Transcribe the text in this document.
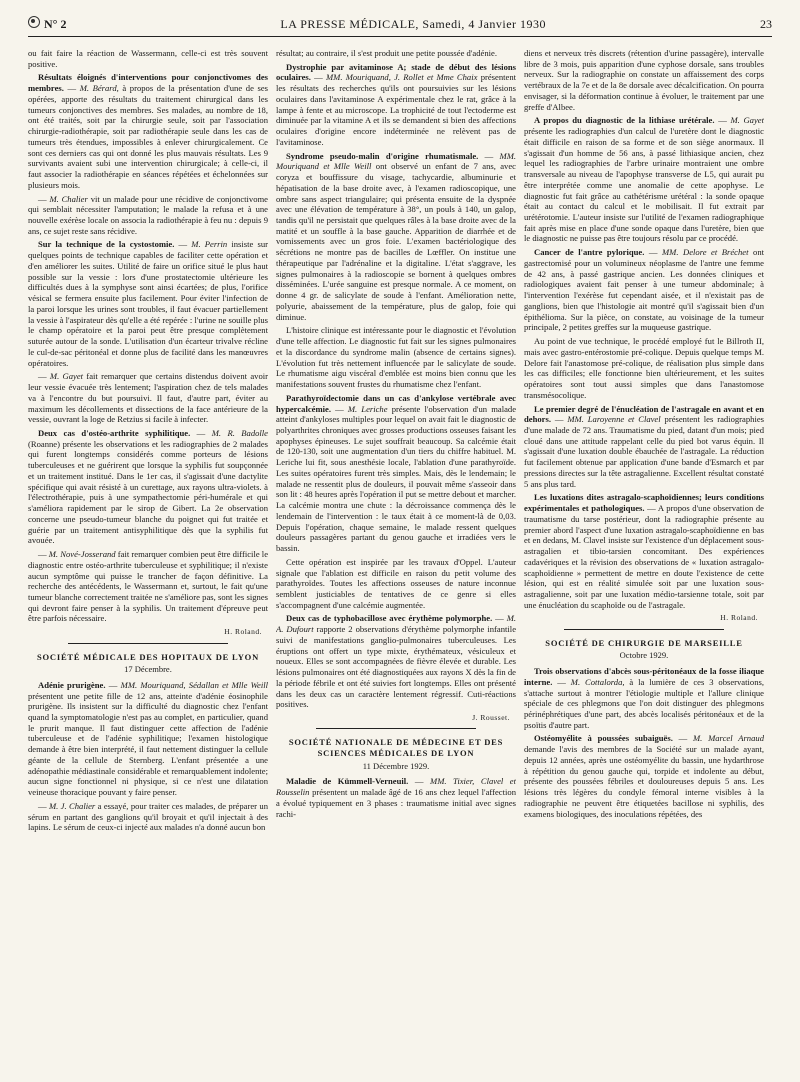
N° 2	LA PRESSE MÉDICALE, Samedi, 4 Janvier 1930	23

ou fait faire la réaction de Wassermann, celle-ci est très souvent positive.

Résultats éloignés d'interventions pour conjonctivomes des membres. — M. Bérard, à propos de la présentation d'une de ses opérées, apporte des résultats du traitement chirurgical dans les tumeurs conjonctives des membres. Ses malades, au nombre de 18, ont été traités, soit par la chirurgie seule, soit par l'association chirurgie-radiothérapie, soit par radiothérapie seule dans les cas de tumeurs très étendues, impossibles à enlever chirurgicalement. Ce sont ces derniers cas qui ont donné les plus mauvais résultats. Les 9 survivants avaient subi une intervention chirurgicale; à celle-ci, il faut associer la radiothérapie en séances répétées et échelonnées sur plusieurs mois.

— M. Chalier vit un malade pour une récidive de conjonctivome qui semblait nécessiter l'amputation; le malade la refusa et à une nouvelle exérèse locale on associa la radiothérapie à feu nu : depuis 9 ans, ce sujet reste sans récidive.

Sur la technique de la cystostomie. — M. Perrin insiste sur quelques points de technique capables de faciliter cette opération et d'en améliorer les suites. Utilité de faire un orifice situé le plus haut possible sur la vessie : lors d'une prostatectomie ultérieure les difficultés dues à la symphyse sont ainsi écartées; de plus, l'orifice vésical se fermera ensuite plus facilement. Pour éviter l'infection de la paroi lorsque les urines sont troubles, il faut évacuer partiellement la vessie à l'aspirateur dès qu'elle a été repérée : l'urine ne souille plus le champ opératoire et la paroi peut être presque complètement suturée autour de la sonde. L'utilisation d'un écarteur trivalve récline le cul-de-sac péritonéal et donne plus de facilité dans les manœuvres opératoires.

— M. Gayet fait remarquer que certains distendus doivent avoir leur vessie évacuée très lentement; l'aspiration chez de tels malades va à l'encontre du but poursuivi. Il faut, d'autre part, éviter au maximum les décollements et dissections de la face antérieure de la vessie, ouvrant la loge de Retzius si facile à infecter.

Deux cas d'ostéo-arthrite syphilitique. — M. R. Badolle (Roanne) présente les observations et les radiographies de 2 malades qui furent longtemps considérés comme porteurs de lésions tuberculeuses et ne guérirent que lorsque la syphilis fut soupçonnée et un traitement institué. Dans le 1er cas, il s'agissait d'une dactylite spécifique qui avait résisté à un curettage, aux rayons ultra-violets. à l'électrothérapie, puis à une sympathectomie péri-humérale et qui s'améliora rapidement par le sirop de Gibert. La 2e observation concerne une pseudo-tumeur blanche du poignet qui fut traitée et guérie par un traitement antisyphilitique dès que la syphilis fut avouée.

— M. Nové-Josserand fait remarquer combien peut être difficile le diagnostic entre ostéo-arthrite tuberculeuse et syphilitique; il n'existe aucun symptôme qui puisse le trancher de façon définitive. La recherche des antécédents, le Wassermann et, surtout, le fait qu'une tumeur blanche correctement traitée ne s'améliore pas, sont les signes qui devront faire penser à la syphilis. Un traitement d'épreuve peut être parfois nécessaire.

H. Roland.
SOCIÉTÉ MÉDICALE DES HOPITAUX DE LYON
17 Décembre.

Adénie prurigène. — MM. Mouriquand, Sédallan et Mlle Weill présentent une petite fille de 12 ans, atteinte d'adénie éosinophile prurigène. Ils insistent sur la difficulté du diagnostic chez l'enfant quand la symptomatologie n'est pas au complet, en particulier, quand le prurit manque. Il faut distinguer cette affection de l'adénie tuberculeuse et de l'adénie syphilitique; l'examen histologique demande à être bien interprété, il faut nettement distinguer la cellule géante de la cellule de Sternberg. L'enfant présentée a une adénopathie médiastinale considérable et remarquablement indolente; aucun signe fonctionnel ni physique, si ce n'est une dilatation veineuse thoracique pouvant y faire penser.

— M. J. Chalier a essayé, pour traiter ces malades, de préparer un sérum en partant des ganglions qu'il broyait et qu'il injectait à des lapins. Le sérum de ceux-ci injecté aux malades n'a donné aucun bon

résultat; au contraire, il s'est produit une petite poussée d'adénie.

Dystrophie par avitaminose A; stade de début des lésions oculaires. — MM. Mouriquand, J. Rollet et Mme Chaix présentent les résultats des recherches qu'ils ont poursuivies sur les lésions oculaires dans l'avitaminose A expérimentale chez le rat, grâce à la lampe à fente et au microscope. La trophicité de tout l'ectoderme est diminuée par la vitamine A et ils se demandent si bien des affections oculaires d'origine encore indéterminée ne relèvent pas de l'avitaminose.

Syndrome pseudo-malin d'origine rhumatismale. — MM. Mouriquand et Mlle Weill ont observé un enfant de 7 ans, avec coryza et bouffissure du visage, tachycardie, albuminurie et hépatisation de la base droite avec, à l'examen radioscopique, une ombre sans aspect triangulaire; qui présenta ensuite de la dyspnée avec une élévation de température à 38°, un pouls à 140, un galop, tandis qu'il ne persistait que quelques râles à la base droite avec de la matité et un souffle à la base gauche. Apparition de diarrhée et de vomissements avec un gros foie. L'examen bactériologique des sécrétions ne montre pas de bacilles de Lœffler. On institue une thérapeutique par l'adrénaline et la digitaline. L'état s'aggrave, les signes pulmonaires à la radioscopie se bornent à quelques ombres disséminées. L'urée sanguine est presque normale. A ce moment, on donne 4 gr. de salicylate de soude à l'enfant. Amélioration nette, polyurie, abaissement de la température, plus de galop, foie qui diminue.

L'histoire clinique est intéressante pour le diagnostic et l'évolution d'une telle affection. Le diagnostic fut fait sur les signes pulmonaires et la discordance du syndrome malin (absence de certains signes). L'évolution fut très nettement influencée par le salicylate de soude. Le rhumatisme aigu viscéral d'emblée est moins bien connu que les manifestations souvent frustes du rhumatisme chez l'enfant.

Parathyroïdectomie dans un cas d'ankylose vertébrale avec hypercalcémie. — M. Leriche présente l'observation d'un malade atteint d'ankyloses multiples pour lequel on avait fait le diagnostic de polyarthrites chroniques avec grosses productions osseuses faisant les apophyses épineuses. Le sujet souffrait beaucoup. Sa calcémie était de 120-130, soit une augmentation d'un tiers du chiffre habituel. M. Leriche lui fit, sous anesthésie locale, l'ablation d'une parathyroïde. Les suites opératoires furent très simples. Mais, dès le lendemain; le malade ne ressentit plus de douleurs, il pouvait même s'asseoir dans son lit : 48 heures après l'opération il put se mettre debout et marcher. La calcémie montra une chute : la décroissance commença dès le lendemain de l'intervention : le taux était à ce moment-là de 0,03. Depuis l'opération, chaque semaine, le malade ressent quelques douleurs passagères partant du genou gauche et irradiées vers le bassin.

Cette opération est inspirée par les travaux d'Oppel. L'auteur signale que l'ablation est difficile en raison du petit volume des parathyroïdes. Toutes les affections osseuses de nature inconnue semblent justiciables de tentatives de ce genre si elles s'accompagnent d'une calcémie augmentée.

Deux cas de typhobacillose avec érythème polymorphe. — M. A. Dufourt rapporte 2 observations d'érythème polymorphe infantile suivi de manifestations ganglio-pulmonaires tuberculeuses. Les éruptions ont offert un type mixte, érythémateux, vésiculeux et noueux. Elles se sont accompagnées de fièvre élevée et durable. Les lésions pulmonaires ont été diagnostiquées aux rayons X dès la fin de la période fébrile et ont été suivies fort longtemps. Elles ont présenté dans les deux cas un caractère lentement régressif. Cuti-réactions positives.

J. Rousset.
SOCIÉTÉ NATIONALE DE MÉDECINE ET DES SCIENCES MÉDICALES DE LYON
11 Décembre 1929.

Maladie de Kümmell-Verneuil. — MM. Tixier, Clavel et Rousselin présentent un malade âgé de 16 ans chez lequel l'affection a évolué typiquement en 3 phases : traumatisme initial avec signes rachi-

diens et nerveux très discrets (rétention d'urine passagère), intervalle libre de 3 mois, puis apparition d'une cyphose dorsale, sans troubles nerveux. Sur la radiographie on constate un affaissement des corps vertébraux de la 7e et de la 8e dorsale avec décalcification. On pourra envisager, si la déformation continue à évoluer, le traitement par une greffe d'Albee.

A propos du diagnostic de la lithiase urétérale. — M. Gayet présente les radiographies d'un calcul de l'uretère dont le diagnostic était difficile en raison de sa forme et de son siège anormaux. Il s'agissait d'un homme de 56 ans, à passé lithiasique ancien, chez lequel les radiographies de l'arbre urinaire montraient une ombre transversale au niveau de l'apophyse transverse de L5, qui aurait pu être interprétée comme une anomalie de cette apophyse. Le diagnostic fut fait grâce au cathétérisme urétéral : la sonde opaque était au contact du calcul et le mobilisait. Il fut extrait par urétérotomie. L'auteur insiste sur l'utilité de l'examen radiographique fait après mise en place d'une sonde opaque dans l'uretère, bien que le diagnostic ne puisse pas être toujours résolu par ce procédé.

Cancer de l'antre pylorique. — MM. Delore et Bréchet ont gastrectomisé pour un volumineux néoplasme de l'antre une femme de 42 ans, à passé gastrique ancien. Les données cliniques et radiologiques avaient fait penser à une tumeur abdominale; à l'intervention l'exérèse fut cependant aisée, et il n'existait pas de ganglions, bien que l'histologie ait montré qu'il s'agissait bien d'un épithélioma. Sur la pièce, on constate, au voisinage de la tumeur principale, 2 petites greffes sur la muqueuse gastrique.

Au point de vue technique, le procédé employé fut le Billroth II, mais avec gastro-entérostomie pré-colique. Depuis quelque temps M. Delore fait l'anastomose pré-colique, de réalisation plus simple dans les cas difficiles; elle fonctionne bien ultérieurement, et les suites opératoires sont tout aussi simples que dans l'anastomose transmésocolique.

Le premier degré de l'énucléation de l'astragale en avant et en dehors. — MM. Laroyenne et Clavel présentent les radiographies d'une malade de 72 ans. Traumatisme du pied, datant d'un mois; pied cloué dans une attitude rappelant celle du pied bot varus équin. Il s'agissait d'une luxation double ébauchée de l'astragale. La réduction fut facilement obtenue par application d'une bande d'Esmarch et par pressions directes sur la tête astragalienne. Excellent résultat constaté 5 ans plus tard.

Les luxations dites astragalo-scaphoïdiennes; leurs conditions expérimentales et pathologiques. — A propos d'une observation de traumatisme du tarse postérieur, dont la radiographie présente au premier abord l'aspect d'une luxation astragalo-scaphoïdienne en bas et en dedans, M. Clavel insiste sur l'existence d'un déplacement sous-astragalien et tibio-tarsien concomitant. Des expériences cadavériques et la révision des observations de « luxation astragalo-scaphoïdienne » permettent de mettre en doute l'existence de cette lésion, qui est en réalité simulée soit par une luxation sous-astragalienne, soit par une luxation médio-tarsienne totale, soit par une énucléation du scaphoïde ou de l'astragale.

H. Roland.
SOCIÉTÉ DE CHIRURGIE DE MARSEILLE
Octobre 1929.

Trois observations d'abcès sous-péritonéaux de la fosse iliaque interne. — M. Cottalorda, à la lumière de ces 3 observations, s'attache surtout à montrer l'étiologie multiple et l'allure clinique spéciale de ces phlegmons que l'on doit distinguer des phlegmons périnéphrétiques d'une part, des abcès localisés péritonéaux et de la psoïtis d'autre part.

Ostéomyélite à poussées subaiguës. — M. Marcel Arnaud demande l'avis des membres de la Société sur un malade ayant, depuis 12 années, après une ostéomyélite du bassin, une hydarthrose à répétition du genou gauche qui, torpide et indolente au début, présente des poussées fébriles et douloureuses depuis 5 ans. Les lésions très légères du condyle fémoral interne visibles à la radiographie ne peuvent être étiquetées bacillose ni syphilis, des examens biologiques, des inoculations répétées, des
